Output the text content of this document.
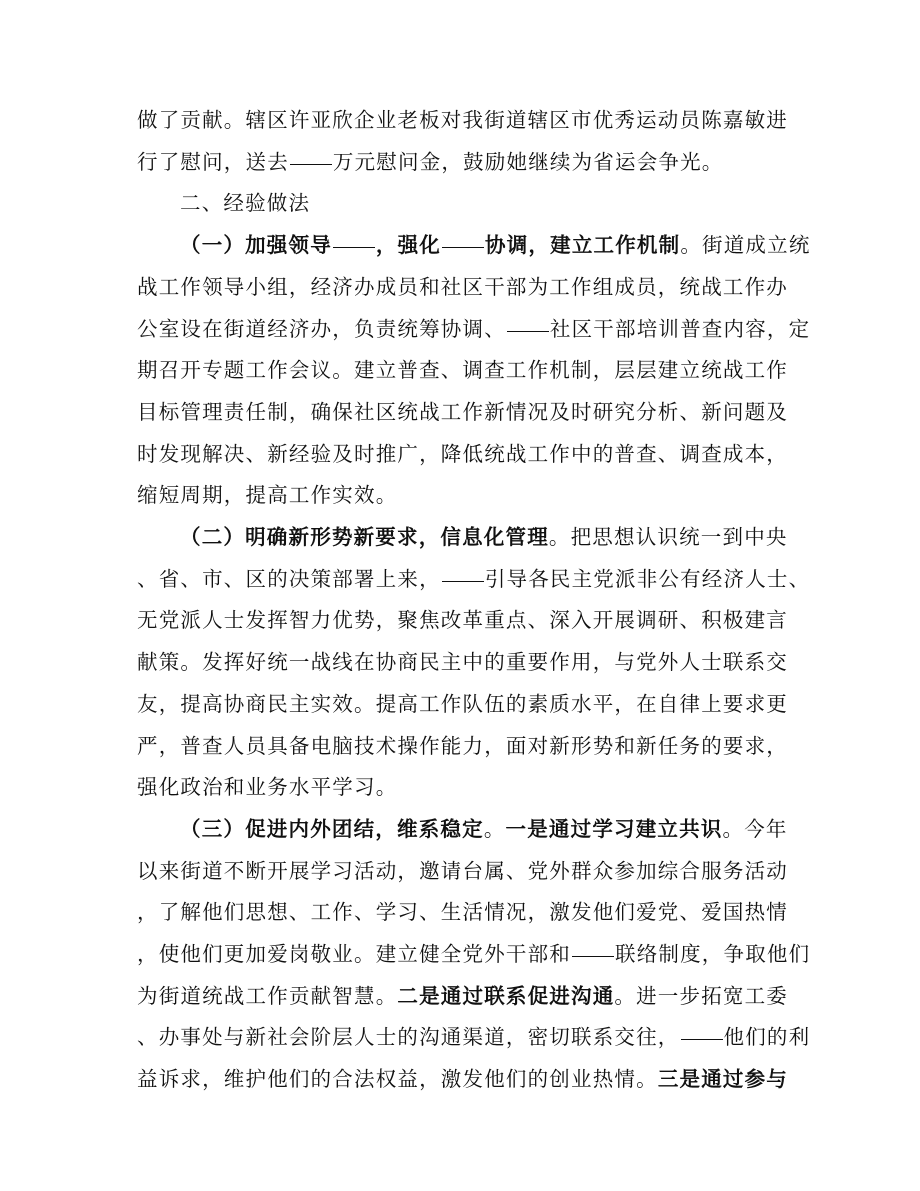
做了贡献。辖区许亚欣企业老板对我街道辖区市优秀运动员陈嘉敏进
行了慰问，送去 万元慰问金，鼓励她继续为省运会争光。
二、经验做法
（一）加强领导 ，强化 协调，建立工作机制。街道成立统
战工作领导小组，经济办成员和社区干部为工作组成员，统战工作办
公室设在街道经济办，负责统筹协调、 社区干部培训普查内容，定
期召开专题工作会议。建立普查、调查工作机制，层层建立统战工作
目标管理责任制，确保社区统战工作新情况及时研究分析、新问题及
时发现解决、新经验及时推广，降低统战工作中的普查、调查成本，
缩短周期，提高工作实效。
（二）明确新形势新要求，信息化管理。把思想认识统一到中央
、省、市、区的决策部署上来， 引导各民主党派非公有经济人士、
无党派人士发挥智力优势，聚焦改革重点、深入开展调研、积极建言
献策。发挥好统一战线在协商民主中的重要作用，与党外人士联系交
友，提高协商民主实效。提高工作队伍的素质水平，在自律上要求更
严，普查人员具备电脑技术操作能力，面对新形势和新任务的要求，
强化政治和业务水平学习。
（三）促进内外团结，维系稳定。一是通过学习建立共识。今年
以来街道不断开展学习活动，邀请台属、党外群众参加综合服务活动
，了解他们思想、工作、学习、生活情况，激发他们爱党、爱国热情
，使他们更加爱岗敬业。建立健全党外干部和 联络制度，争取他们
为街道统战工作贡献智慧。二是通过联系促进沟通。进一步拓宽工委
、办事处与新社会阶层人士的沟通渠道，密切联系交往， 他们的利
益诉求，维护他们的合法权益，激发他们的创业热情。三是通过参与
